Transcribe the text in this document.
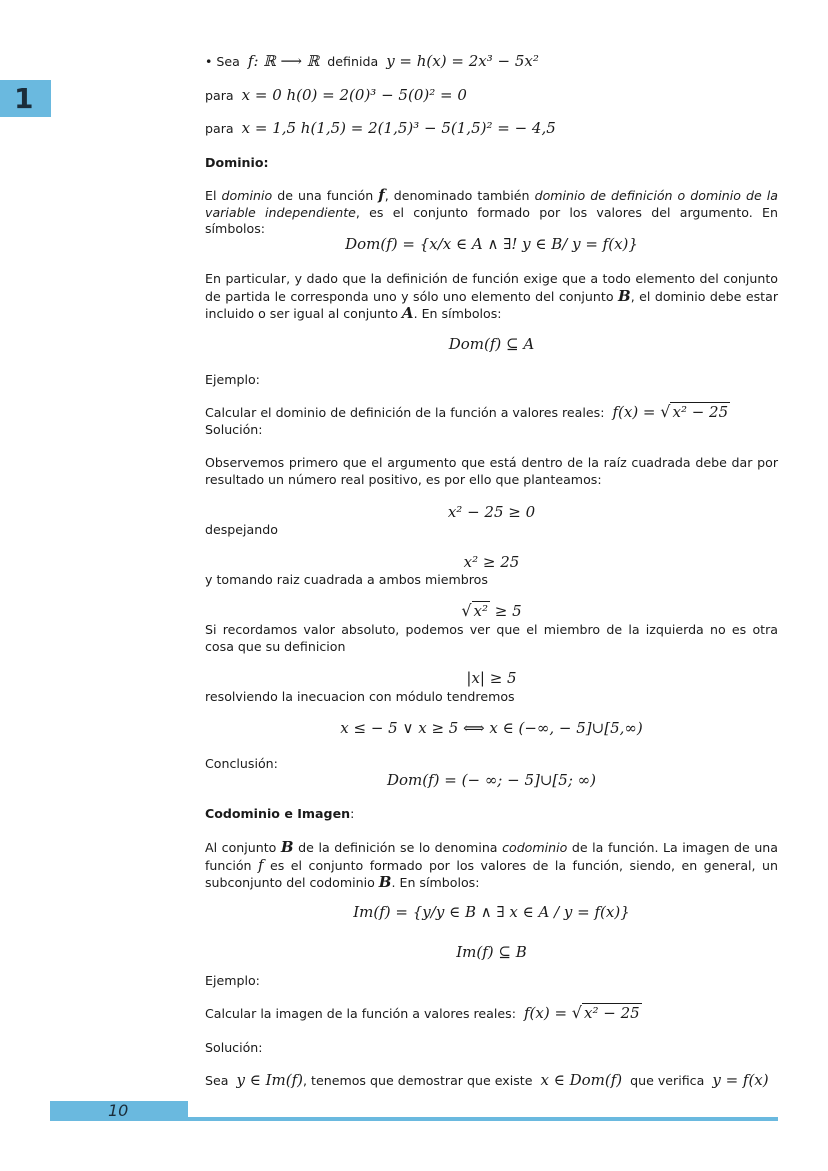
1
• Sea f: ℝ ⟶ ℝ definida y = h(x) = 2x³ − 5x²
para x = 0 h(0) = 2(0)³ − 5(0)² = 0
para x = 1,5 h(1,5) = 2(1,5)³ − 5(1,5)² = − 4,5
Dominio:
El dominio de una función f, denominado también dominio de definición o dominio de la variable independiente, es el conjunto formado por los valores del argumento. En símbolos:
Dom(f) = {x/x ∈ A ∧ ∃! y ∈ B/ y = f(x)}
En particular, y dado que la definición de función exige que a todo elemento del conjunto de partida le corresponda uno y sólo uno elemento del conjunto B, el dominio debe estar incluido o ser igual al conjunto A. En símbolos:
Dom(f) ⊆ A
Ejemplo:
Calcular el dominio de definición de la función a valores reales: f(x) = √ x² − 25
Solución:
Observemos primero que el argumento que está dentro de la raíz cuadrada debe dar por resultado un número real positivo, es por ello que planteamos:
x² − 25 ≥ 0
despejando
x² ≥ 25
y tomando raiz cuadrada a ambos miembros
√ x² ≥ 5
Si recordamos valor absoluto, podemos ver que el miembro de la izquierda no es otra cosa que su definicion
|x| ≥ 5
resolviendo la inecuacion con módulo tendremos
x ≤ − 5 ∨ x ≥ 5 ⟺ x ∈ (−∞, − 5]∪[5,∞)
Conclusión:
Dom(f) = (− ∞; − 5]∪[5; ∞)
Codominio e Imagen:
Al conjunto B de la definición se lo denomina codominio de la función. La imagen de una función f es el conjunto formado por los valores de la función, siendo, en general, un subconjunto del codominio B. En símbolos:
Im(f) = {y/y ∈ B ∧ ∃ x ∈ A / y = f(x)}
Im(f) ⊆ B
Ejemplo:
Calcular la imagen de la función a valores reales: f(x) = √ x² − 25
Solución:
Sea y ∈ Im(f), tenemos que demostrar que existe x ∈ Dom(f) que verifica y = f(x)
10
